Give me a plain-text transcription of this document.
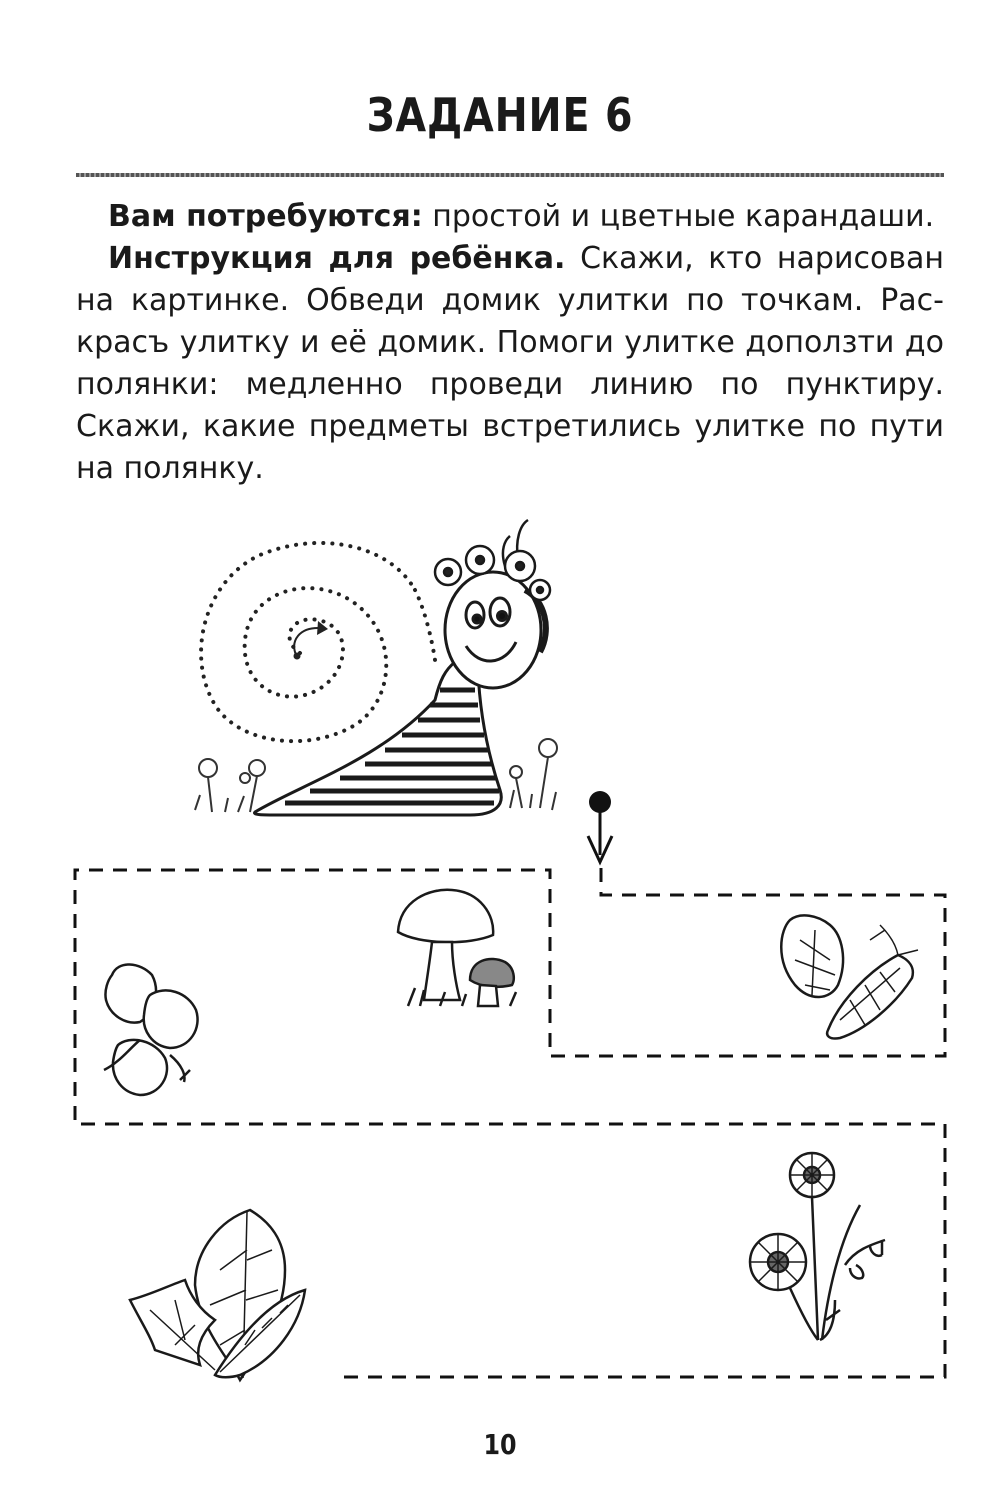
ЗАДАНИЕ 6

Вам потребуются: простой и цветные карандаши.

Инструкция для ребёнка. Скажи, кто нарисован на картинке. Обведи домик улитки по точкам. Раскрасъ улитку и её домик. Помоги улитке доползти до полянки: медленно проведи линию по пунктиру. Скажи, какие предметы встретились улитке по пути на полянку.

10
